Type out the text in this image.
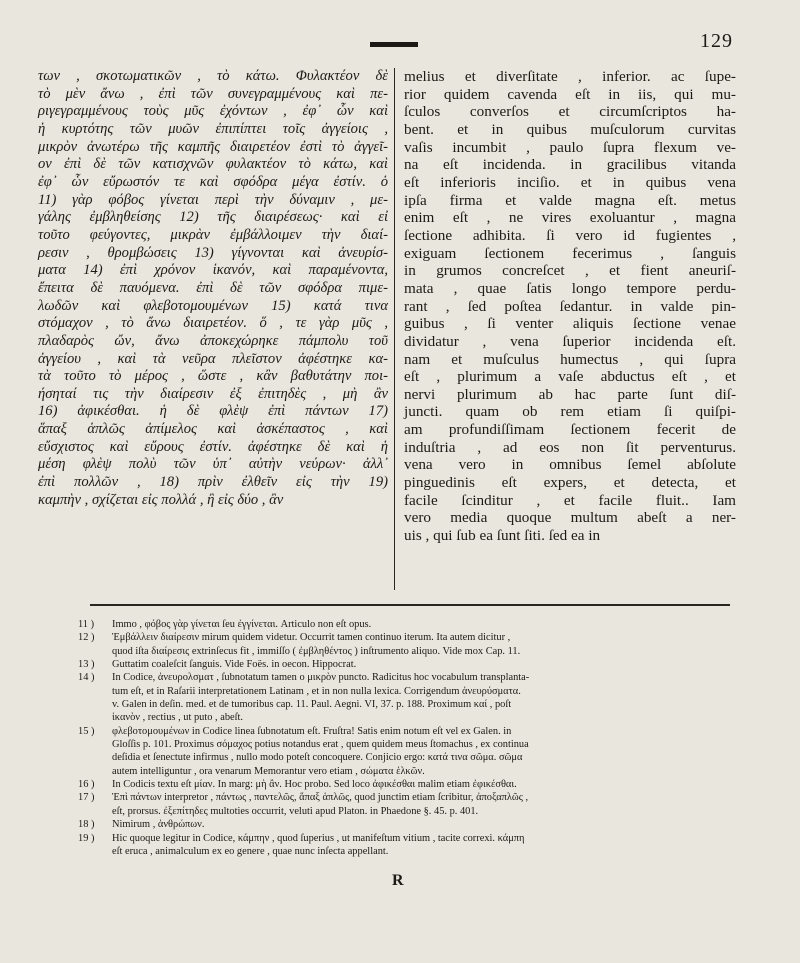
129
των , σκοτωματικῶν , τὸ κάτω. Φυλακτέον δὲ
τὸ μὲν ἄνω , ἐπὶ τῶν συνεγραμμένους καὶ πε-
ριγεγραμμένους τοὺς μῦς ἐχόντων , ἐφ᾽ ὧν καὶ
ἡ κυρτότης τῶν μυῶν ἐπιπίπτει τοῖς ἀγγείοις ,
μικρὸν ἀνωτέρω τῆς καμπῆς διαιρετέον ἐστὶ τὸ ἀγγεῖ-
ον ἐπὶ δὲ τῶν κατισχνῶν φυλακτέον τὸ κάτω, καὶ
ἐφ᾽ ὧν εὔρωστόν τε καὶ σφόδρα μέγα ἐστίν. ὁ
11) γὰρ φόβος γίνεται περὶ τὴν δύναμιν , με-
γάλης ἐμβληθείσης 12) τῆς διαιρέσεως· καὶ εἰ
τοῦτο φεύγοντες, μικρὰν ἐμβάλλοιμεν τὴν διαί-
ρεσιν , θρομβώσεις 13) γίγνονται καὶ ἀνευρίσ-
ματα 14) ἐπὶ χρόνον ἱκανόν, καὶ παραμένοντα,
ἔπειτα δὲ παυόμενα. ἐπὶ δὲ τῶν σφόδρα πιμε-
λωδῶν καὶ φλεβοτομουμένων 15) κατά τινα
στόμαχον , τὸ ἄνω διαιρετέον. ὅ , τε γὰρ μῦς ,
πλαδαρὸς ὤν, ἄνω ἀποκεχώρηκε πάμπολυ τοῦ
ἀγγείου , καὶ τὰ νεῦρα πλεῖστον ἀφέστηκε κα-
τὰ τοῦτο τὸ μέρος , ὥστε , κἂν βαθυτάτην ποι-
ήσηταί τις τὴν διαίρεσιν ἐξ ἐπιτηδὲς , μὴ ἂν
16) ἀφικέσθαι. ἡ δὲ φλὲψ ἐπὶ πάντων 17)
ἅπαξ ἁπλῶς ἀπίμελος καὶ ἀσκέπαστος , καὶ
εὔσχιστος καὶ εὔρους ἐστίν. ἀφέστηκε δὲ καὶ ἡ
μέση φλὲψ πολὺ τῶν ὑπ᾽ αὐτὴν νεύρων· ἀλλ᾽
ἐπὶ πολλῶν , 18) πρὶν ἐλθεῖν εἰς τὴν 19)
καμπὴν , σχίζεται εἰς πολλά , ἢ εἰς δύο , ἂν
melius et diverſitate , inferior. ac ſupe-
rior quidem cavenda eſt in iis, qui mu-
ſculos converſos et circumſcriptos ha-
bent. et in quibus muſculorum curvitas
vaſis incumbit , paulo ſupra flexum ve-
na eſt incidenda. in gracilibus vitanda
eſt inferioris inciſio. et in quibus vena
ipſa firma et valde magna eſt. metus
enim eſt , ne vires exoluantur , magna
ſectione adhibita. ſi vero id fugientes ,
exiguam ſectionem fecerimus , ſanguis
in grumos concreſcet , et fient aneuriſ-
mata , quae ſatis longo tempore perdu-
rant , ſed poſtea ſedantur. in valde pin-
guibus , ſi venter aliquis ſectione venae
dividatur , vena ſuperior incidenda eſt.
nam et muſculus humectus , qui ſupra
eſt , plurimum a vaſe abductus eſt , et
nervi plurimum ab hac parte ſunt diſ-
juncti. quam ob rem etiam ſi quiſpi-
am profundiſſimam ſectionem fecerit de
induſtria , ad eos non ſit perventurus.
vena vero in omnibus ſemel abſolute
pinguedinis eſt expers, et detecta, et
facile ſcinditur , et facile fluit.. Iam
vero media quoque multum abeſt a ner-
uis , qui ſub ea ſunt ſiti. ſed ea in
11 )	Immo , φόβος γὰρ γίνεται ſeu ἐγγίνεται. Articulo non eſt opus.
12 )	Ἐμβάλλειν διαίρεσιν mirum quidem videtur. Occurrit tamen continuo iterum. Ita autem dicitur ,
quod iſta διαίρεσις extrinſecus fit , immiſſo ( ἐμβληθέντος ) inſtrumento aliquo. Vide mox Cap. 11.
13 )	Guttatim coaleſcit ſanguis. Vide Foës. in oecon. Hippocrat.
14 )	In Codice, ἀνευρολσματ , ſubnotatum tamen o μικρὸν puncto. Radicitus hoc vocabulum transplanta-
tum eſt, et in Raſarii interpretationem Latinam , et in non nulla lexica. Corrigendum ἀνευρύσματα.
v. Galen in deſin. med. et de tumoribus cap. 11. Paul. Aegni. VI, 37. p. 188. Proximum καί , poſt
ἱκανὸν , rectius , ut puto , abeſt.
15 )	φλεβοτομουμένων in Codice linea ſubnotatum eſt. Fruſtra! Satis enim notum eſt vel ex Galen. in
Gloſſis p. 101. Proximus σόμαχος potius notandus erat , quem quidem meus ſtomachus , ex continua
deſidia et ſenectute infirmus , nullo modo poteſt concoquere. Conjicio ergo: κατά τινα σῶμα. σῶμα
autem intelliguntur , ora venarum Memorantur vero etiam , σώματα ἑλκῶν.
16 )	In Codicis textu eſt μίαν. In marg: μὴ ἂν. Hoc probo. Sed loco ἀφικέσθαι malim etiam ἐφικέσθαι.
17 )	Ἐπὶ πάντων interpretor , πάντως , παντελῶς, ἅπαξ ἁπλῶς, quod junctim etiam ſcribitur, ἀποξαπλῶς ,
eſt, prorsus. ἐξεπίτηδες multoties occurrit, veluti apud Platon. in Phaedone §. 45. p. 401.
18 )	Nimirum , ἀνθρώπων.
19 )	Hic quoque legitur in Codice, κάμπην , quod ſuperius , ut manifeſtum vitium , tacite correxi. κάμπη
eſt eruca , animalculum ex eo genere , quae nunc inſecta appellant.
R
